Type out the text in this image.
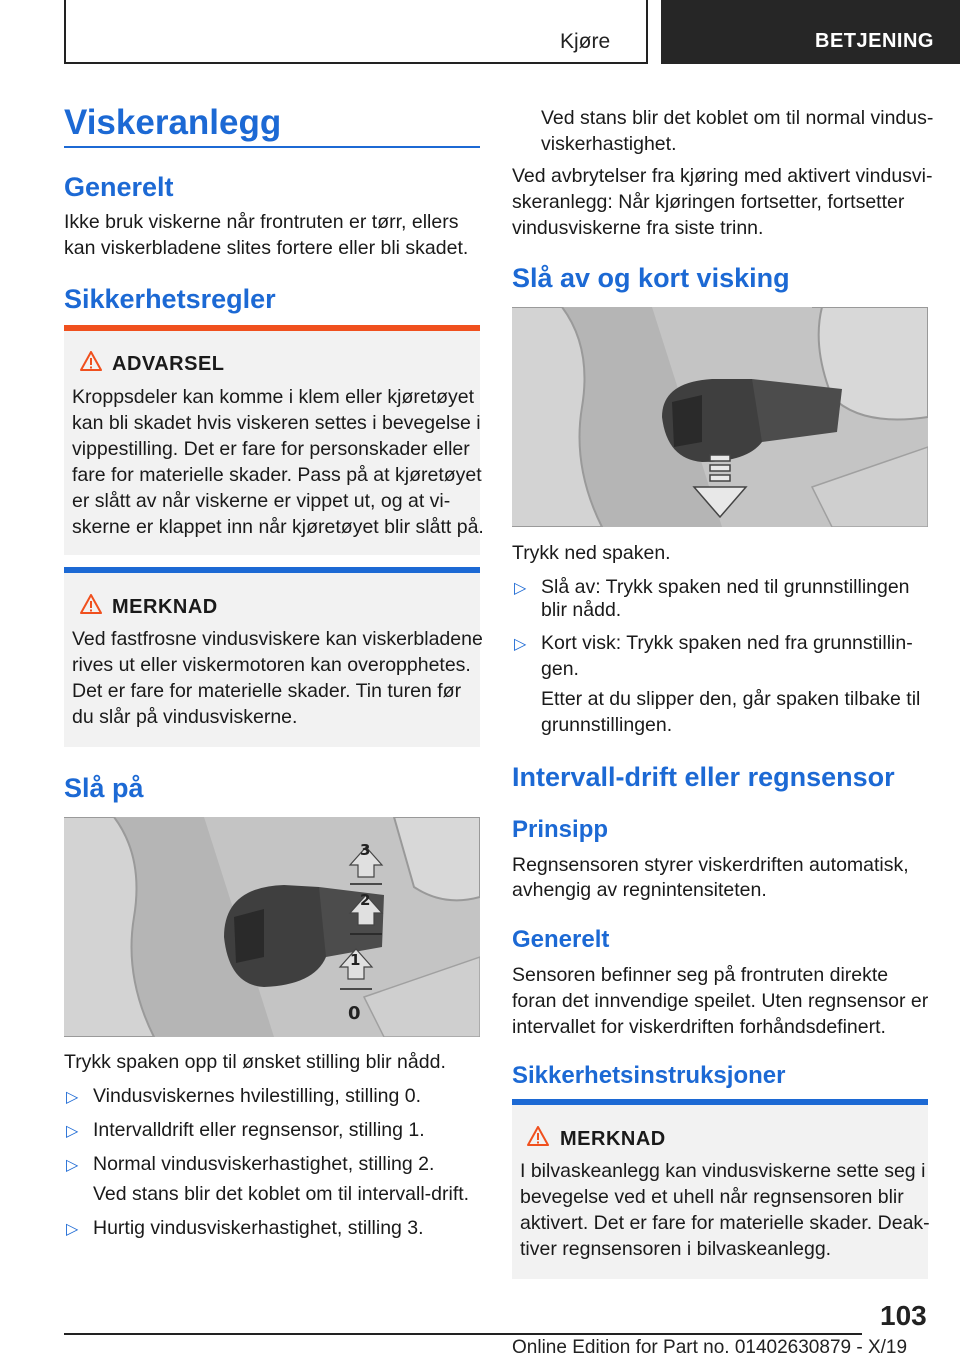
Kjøre	BETJENING
Viskeranlegg
Generelt
Ikke bruk viskerne når frontruten er tørr, ellers
kan viskerbladene slites fortere eller bli skadet.
Sikkerhetsregler
ADVARSEL
Kroppsdeler kan komme i klem eller kjøretøyet
kan bli skadet hvis viskeren settes i bevegelse i
vippestilling. Det er fare for personskader eller
fare for materielle skader. Pass på at kjøretøyet
er slått av når viskerne er vippet ut, og at vi-
skerne er klappet inn når kjøretøyet blir slått på.
MERKNAD
Ved fastfrosne vindusviskere kan viskerbladene
rives ut eller viskermotoren kan overopphetes.
Det er fare for materielle skader. Tin turen før
du slår på vindusviskerne.
Slå på
3
2
1
0
Trykk spaken opp til ønsket stilling blir nådd.
▷ Vindusviskernes hvilestilling, stilling 0.
▷ Intervalldrift eller regnsensor, stilling 1.
▷ Normal vindusviskerhastighet, stilling 2.
Ved stans blir det koblet om til intervall-drift.
▷ Hurtig vindusviskerhastighet, stilling 3.
Ved stans blir det koblet om til normal vindus-
viskerhastighet.
Ved avbrytelser fra kjøring med aktivert vindusvi-
skeranlegg: Når kjøringen fortsetter, fortsetter
vindusviskerne fra siste trinn.
Slå av og kort visking
Trykk ned spaken.
▷ Slå av: Trykk spaken ned til grunnstillingen
blir nådd.
▷ Kort visk: Trykk spaken ned fra grunnstillin-
gen.
Etter at du slipper den, går spaken tilbake til
grunnstillingen.
Intervall-drift eller regnsensor
Prinsipp
Regnsensoren styrer viskerdriften automatisk,
avhengig av regnintensiteten.
Generelt
Sensoren befinner seg på frontruten direkte
foran det innvendige speilet. Uten regnsensor er
intervallet for viskerdriften forhåndsdefinert.
Sikkerhetsinstruksjoner
MERKNAD
I bilvaskeanlegg kan vindusviskerne sette seg i
bevegelse ved et uhell når regnsensoren blir
aktivert. Det er fare for materielle skader. Deak-
tiver regnsensoren i bilvaskeanlegg.
103
Online Edition for Part no. 01402630879 - X/19
